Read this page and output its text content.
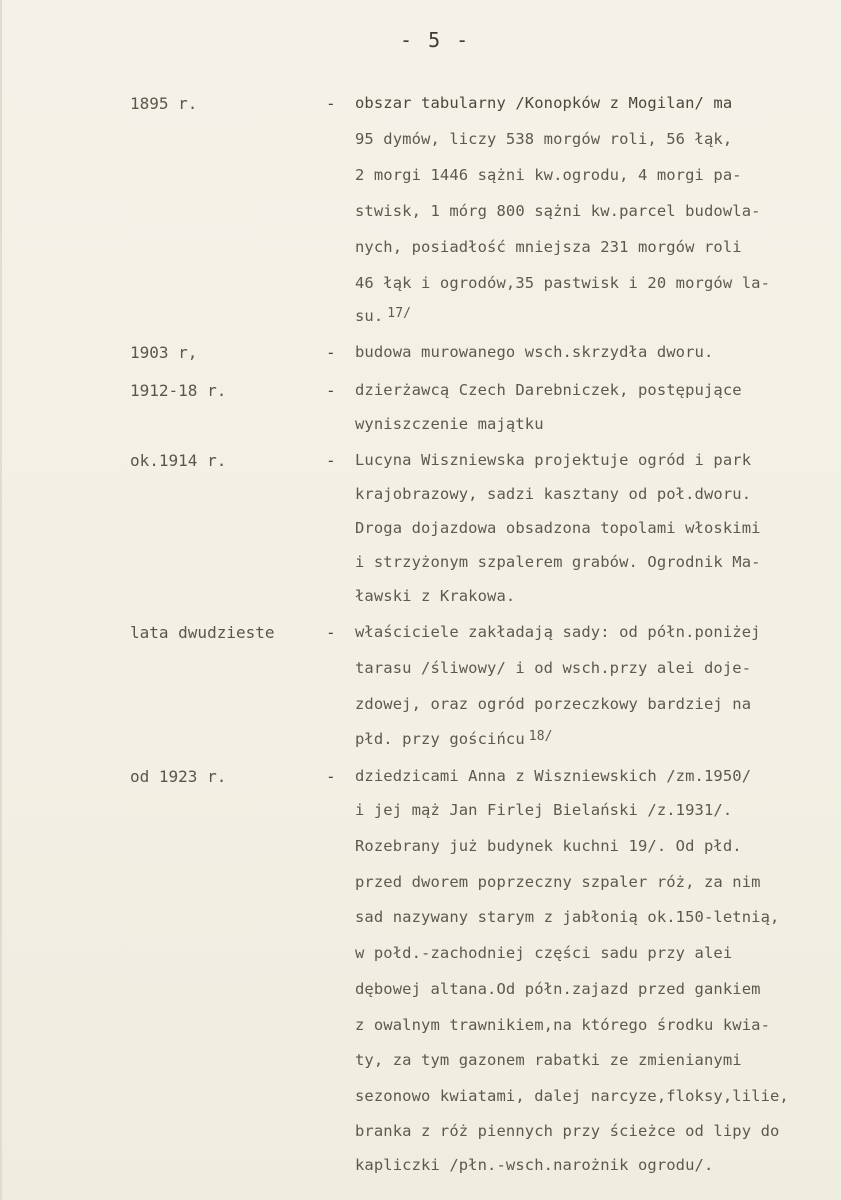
- 5 -
1895 r.	- obszar tabularny /Konopków z Mogilan/ ma
95 dymów, liczy 538 morgów roli, 56 łąk,
2 morgi 1446 sążni kw.ogrodu, 4 morgi pa-
stwisk, 1 mórg 800 sążni kw.parcel budowla-
nych, posiadłość mniejsza 231 morgów roli
46 łąk i ogrodów,35 pastwisk i 20 morgów la-
su. $^{17/}$
1903 r,	- budowa murowanego wsch.skrzydła dworu.
1912-18 r.	- dzierżawcą Czech Darebniczek, postępujące
wyniszczenie majątku
ok.1914 r.	- Lucyna Wiszniewska projektuje ogród i park
krajobrazowy, sadzi kasztany od poł.dworu.
Droga dojazdowa obsadzona topolami włoskimi
i strzyżonym szpalerem grabów. Ogrodnik Ma-
ławski z Krakowa.
lata dwudzieste	- właściciele zakładają sady: od półn.poniżej
tarasu /śliwowy/ i od wsch.przy alei doje-
zdowej, oraz ogród porzeczkowy bardziej na
płd. przy gościńcu $^{18/}$
od 1923 r.	- dziedzicami Anna z Wiszniewskich /zm.1950/
i jej mąż Jan Firlej Bielański /z.1931/.
Rozebrany już budynek kuchni 19/. Od płd.
przed dworem poprzeczny szpaler róż, za nim
sad nazywany starym z jabłonią ok.150-letnią,
w połd.-zachodniej części sadu przy alei
dębowej altana.Od półn.zajazd przed gankiem
z owalnym trawnikiem,na którego środku kwia-
ty, za tym gazonem rabatki ze zmienianymi
sezonowo kwiatami, dalej narcyze,floksy,lilie,
branka z róż piennych przy ścieżce od lipy do
kapliczki /płn.-wsch.narożnik ogrodu/.
